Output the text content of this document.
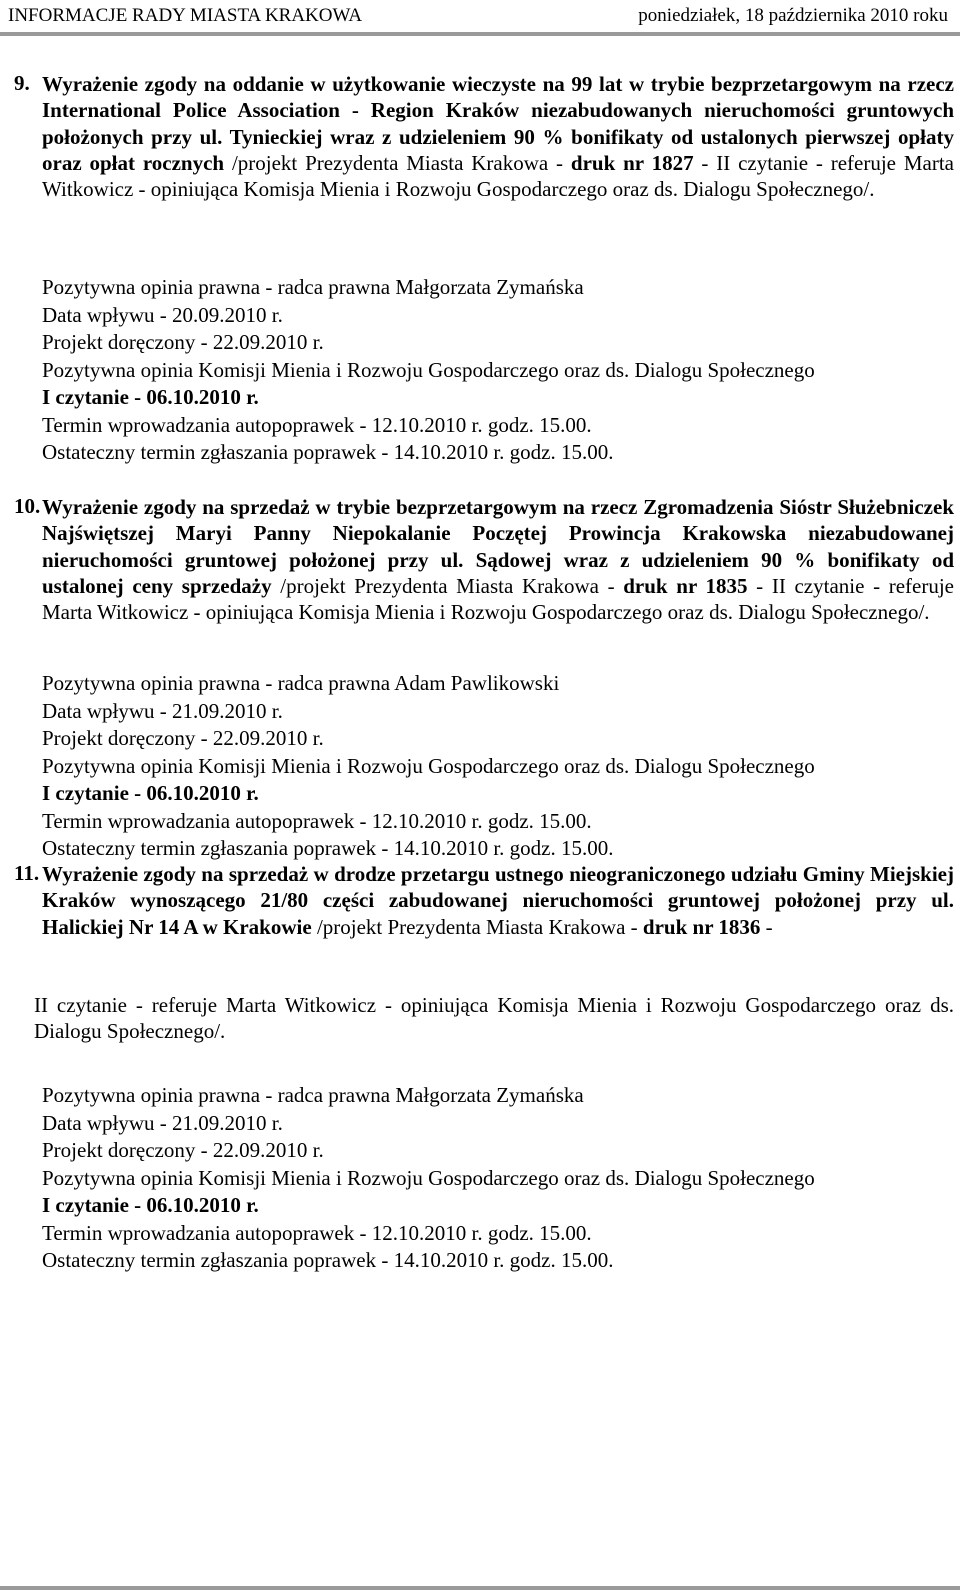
INFORMACJE RADY MIASTA KRAKOWA	poniedziałek, 18 października 2010 roku
9. Wyrażenie zgody na oddanie w użytkowanie wieczyste na 99 lat w trybie bezprzetargowym na rzecz International Police Association - Region Kraków niezabudowanych nieruchomości gruntowych położonych przy ul. Tynieckiej wraz z udzieleniem 90 % bonifikaty od ustalonych pierwszej opłaty oraz opłat rocznych /projekt Prezydenta Miasta Krakowa - druk nr 1827 - II czytanie - referuje Marta Witkowicz - opiniująca Komisja Mienia i Rozwoju Gospodarczego oraz ds. Dialogu Społecznego/.
Pozytywna opinia prawna - radca prawna Małgorzata Zymańska
Data wpływu - 20.09.2010 r.
Projekt doręczony - 22.09.2010 r.
Pozytywna opinia Komisji Mienia i Rozwoju Gospodarczego oraz ds. Dialogu Społecznego
I czytanie - 06.10.2010 r.
Termin wprowadzania autopoprawek - 12.10.2010 r. godz. 15.00.
Ostateczny termin zgłaszania poprawek - 14.10.2010 r. godz. 15.00.
10. Wyrażenie zgody na sprzedaż w trybie bezprzetargowym na rzecz Zgromadzenia Sióstr Służebniczek Najświętszej Maryi Panny Niepokalanie Poczętej Prowincja Krakowska niezabudowanej nieruchomości gruntowej położonej przy ul. Sądowej wraz z udzieleniem 90 % bonifikaty od ustalonej ceny sprzedaży /projekt Prezydenta Miasta Krakowa - druk nr 1835 - II czytanie - referuje Marta Witkowicz - opiniująca Komisja Mienia i Rozwoju Gospodarczego oraz ds. Dialogu Społecznego/.
Pozytywna opinia prawna - radca prawna Adam Pawlikowski
Data wpływu - 21.09.2010 r.
Projekt doręczony - 22.09.2010 r.
Pozytywna opinia Komisji Mienia i Rozwoju Gospodarczego oraz ds. Dialogu Społecznego
I czytanie - 06.10.2010 r.
Termin wprowadzania autopoprawek - 12.10.2010 r. godz. 15.00.
Ostateczny termin zgłaszania poprawek - 14.10.2010 r. godz. 15.00.
11. Wyrażenie zgody na sprzedaż w drodze przetargu ustnego nieograniczonego udziału Gminy Miejskiej Kraków wynoszącego 21/80 części zabudowanej nieruchomości gruntowej położonej przy ul. Halickiej Nr 14 A w Krakowie /projekt Prezydenta Miasta Krakowa - druk nr 1836 -
II czytanie - referuje Marta Witkowicz - opiniująca Komisja Mienia i Rozwoju Gospodarczego oraz ds. Dialogu Społecznego/.
Pozytywna opinia prawna - radca prawna Małgorzata Zymańska
Data wpływu - 21.09.2010 r.
Projekt doręczony - 22.09.2010 r.
Pozytywna opinia Komisji Mienia i Rozwoju Gospodarczego oraz ds. Dialogu Społecznego
I czytanie - 06.10.2010 r.
Termin wprowadzania autopoprawek - 12.10.2010 r. godz. 15.00.
Ostateczny termin zgłaszania poprawek - 14.10.2010 r. godz. 15.00.
